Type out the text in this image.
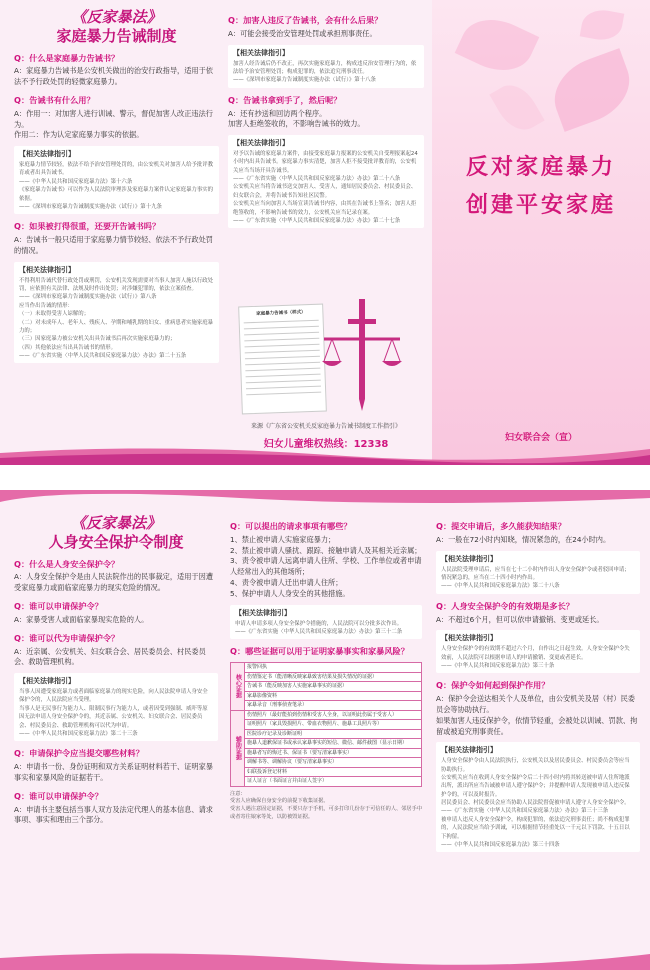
《反家暴法》
家庭暴力告诫制度
Q：什么是家庭暴力告诫书？
A：家庭暴力告诫书是公安机关做出的治安行政指导，适用于依法不予行政处罚的轻微家庭暴力。
Q：告诫书有什么用？
A：作用一：对加害人进行训诫、警示，督促加害人改正违法行为。
作用二：作为认定家庭暴力事实的依据。
【相关法律指引】
家庭暴力情节较轻，依法不给予治安管理处罚的，由公安机关对加害人给予批评教育或者出具告诫书。
——《中华人民共和国反家庭暴力法》第十六条
《家庭暴力告诫书》可以作为人民法院审理涉及家庭暴力案件认定家庭暴力事实的依据。
——《深圳市家庭暴力告诫制度实施办法（试行）》第十九条
Q：如果被打得很重，还要开告诫书吗？
A：告诫书一般只适用于家庭暴力情节较轻、依法不予行政处罚的情况。
【相关法律指引】
不得利用告诫代替行政处罚或刑罚，公安机关发现需要对当事人加害人施以行政处罚，应依照有关法律、法规及时作出处罚；对涉嫌犯罪的，依法立案侦查。
——《深圳市家庭暴力告诫制度实施办法（试行）》第八条
应当作出告诫的情形：
（一）未取得受害人谅解的；
（二）对未成年人、老年人、残疾人、孕期和哺乳期的妇女、重病患者实施家庭暴力的；
（三）因家庭暴力被公安机关出具告诫书后再次实施家庭暴力的；
（四）其他依法应当出具告诫书的情形。
——《广东省实施〈中华人民共和国反家庭暴力法〉办法》第二十五条
Q：加害人违反了告诫书，会有什么后果？
A：可能会接受治安管理处罚或承担刑事责任。
【相关法律指引】
加害人经告诫后仍不改正，再次实施家庭暴力，构成违反治安管理行为的，依法给予治安管理处罚；构成犯罪的，依法追究刑事责任。
——《深圳市家庭暴力告诫制度实施办法（试行）》第十八条
Q：告诫书拿到手了，然后呢？
A：还有抄送和回访两个程序。
加害人拒绝签收的，不影响告诫书的效力。
【相关法律指引】
对予以告诫的家庭暴力案件，由接受家庭暴力报案的公安机关自受理报案起24小时内出具告诫书。家庭暴力事实清楚，加害人拒不接受批评教育的，公安机关应当当场开具告诫书。
——《广东省实施〈中华人民共和国反家庭暴力法〉办法》第二十八条
公安机关应当将告诫书送交加害人、受害人，通知居民委员会、村民委员会、妇女联合会，并将告诫书告知社区民警。
公安机关应当向加害人当场宣读告诫书内容，由其在告诫书上签名；加害人拒绝签收的，不影响告诫书的效力，公安机关应当记录在案。
——《广东省实施〈中华人民共和国反家庭暴力法〉办法》第二十七条
家庭暴力告诫书（样式）
来源《广东省公安机关反家庭暴力告诫书制度工作指引》
妇女儿童维权热线：12338
反对家庭暴力
创建平安家庭
妇女联合会（宣）
《反家暴法》
人身安全保护令制度
Q：什么是人身安全保护令？
A：人身安全保护令是由人民法院作出的民事裁定，适用于因遭受家庭暴力或面临家庭暴力的现实危险的情况。
Q：谁可以申请保护令？
A：家暴受害人或面临家暴现实危险的人。
Q：谁可以代为申请保护令？
A：近亲属、公安机关、妇女联合会、居民委员会、村民委员会、救助管理机构。
【相关法律指引】
当事人因遭受家庭暴力或者面临家庭暴力的现实危险，向人民法院申请人身安全保护令的，人民法院应当受理。
当事人是无民事行为能力人、限制民事行为能力人，或者因受到强制、威吓等原因无法申请人身安全保护令的，其近亲属、公安机关、妇女联合会、居民委员会、村民委员会、救助管理机构可以代为申请。
——《中华人民共和国反家庭暴力法》第二十三条
Q：申请保护令应当提交哪些材料？
A：申请书一份、身份证明和双方关系证明材料若干、证明家暴事实和家暴风险的证据若干。
Q：谁可以申请保护令？
A：申请书主要包括当事人双方及法定代理人的基本信息、请求事项、事实和理由三个部分。
Q：可以提出的请求事项有哪些？
1、禁止被申请人实施家庭暴力；
2、禁止被申请人骚扰、跟踪、接触申请人及其相关近亲属；
3、责令被申请人远离申请人住所、学校、工作单位或者申请人经常出入的其他场所；
4、责令被申请人迁出申请人住所；
5、保护申请人人身安全的其他措施。
【相关法律指引】
申请人申请多项人身安全保护令措施的，人民法院可以分批多次作出。
——《广东省实施〈中华人民共和国反家庭暴力法〉办法》第三十二条
Q：哪些证据可以用于证明家暴事实和家暴风险？
核心证据	报警回执
	伤情鉴定书（能清晰反映家暴致害结果及损失情况的证据）
	告诫书（能反映加害人实施家暴事实的证据）
	家暴影像资料
	家暴录音（刑事侦查笔录）
辅助证据	伤情照片（最好能拍到伤情和受害人全身，以证明此伤属于受害人）
	证明照片（家具毁损照片、带血衣物照片、施暴工具照片等）
	医院诊疗记录及诊断证明
	施暴人道歉保证书或承认家暴事实的短信、微信、邮件截图（显示日期）
	施暴者写的悔过书、保证书（要写清家暴事实）
	调解书等、调解协议（要写清家暴事实）
	妇联投诉登记材料
	证人证言（书面证言并由证人签字）
注意：
受害人应确保自身安全的前提下收集证据。
受害人遇注意固定证据，不要只存于手机，可多打印几份存于可信任的人、邻居手中或者寄往娘家等处，以防被毁证据。
Q：提交申请后，多久能获知结果？
A：一般在72小时内知晓，情况紧急的，在24小时内。
【相关法律指引】
人民法院受理申请后，应当在七十二小时内作出人身安全保护令或者驳回申请；情况紧急的，应当在二十四小时内作出。
——《中华人民共和国反家庭暴力法》第二十八条
Q：人身安全保护令的有效期是多长？
A：不超过6个月，但可以依申请撤销、变更或延长。
【相关法律指引】
人身安全保护令的有效期不超过六个月，自作出之日起生效。人身安全保护令失效前，人民法院可以根据申请人的申请撤销、变更或者延长。
——《中华人民共和国反家庭暴力法》第三十条
Q：保护令如何起到保护作用？
A：保护令会送达相关个人及单位，由公安机关及居（村）民委员会等协助执行。
如果加害人违反保护令，依情节轻重，会被处以训诫、罚款、拘留或被追究刑事责任。
【相关法律指引】
人身安全保护令由人民法院执行，公安机关以及居民委员会、村民委员会等应当协助执行。
公安机关应当在收到人身安全保护令后二十四小时内将其转送被申请人住所地派出所，派出所应当告诫被申请人遵守保护令；并提醒申请人发现被申请人违反保护令的，可以及时报告。
居民委员会、村民委员会应当协助人民法院督促被申请人遵守人身安全保护令。
——《广东省实施〈中华人民共和国反家庭暴力法〉办法》第三十三条
被申请人违反人身安全保护令，构成犯罪的，依法追究刑事责任；尚不构成犯罪的，人民法院应当给予训诫，可以根据情节轻重处以一千元以下罚款、十五日以下拘留。
——《中华人民共和国反家庭暴力法》第三十四条
